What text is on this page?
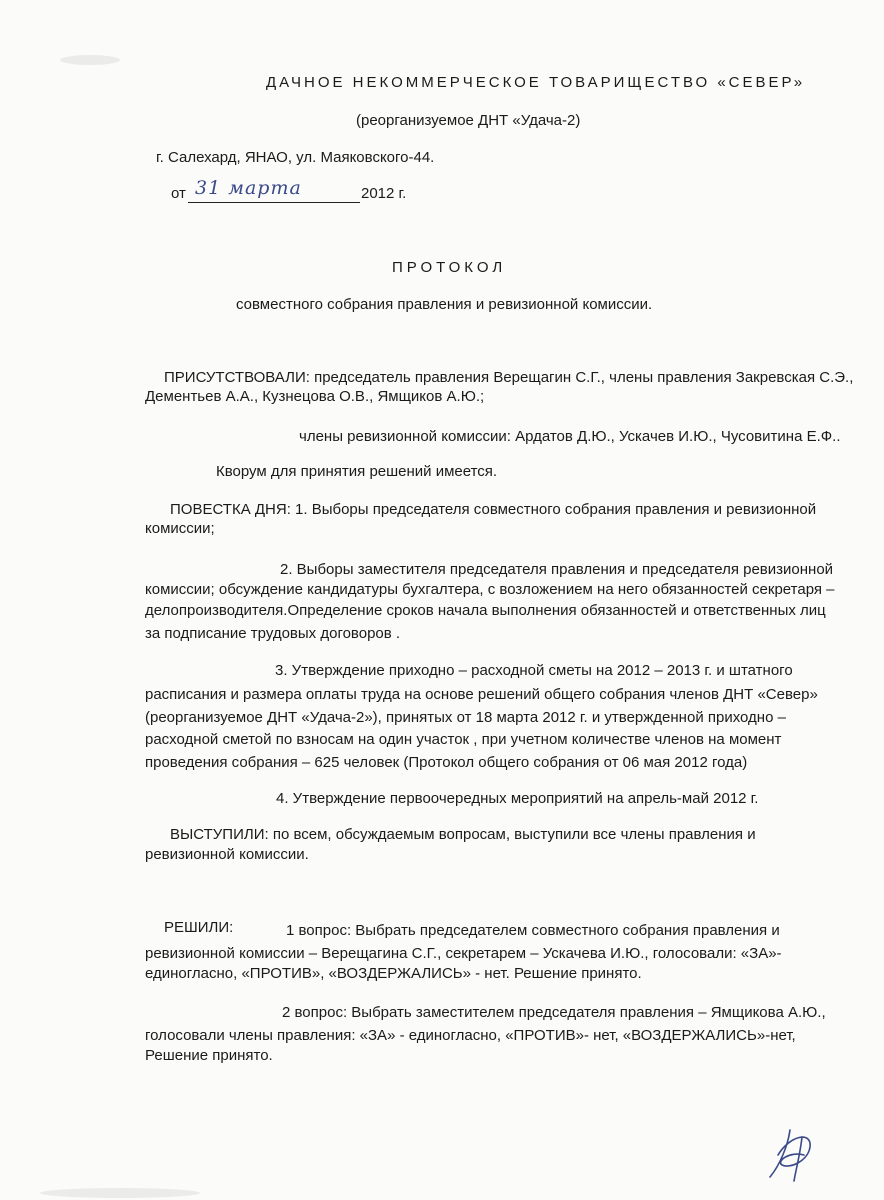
ДАЧНОЕ НЕКОММЕРЧЕСКОЕ ТОВАРИЩЕСТВО «СЕВЕР»
(реорганизуемое ДНТ «Удача-2)
г. Салехард, ЯНАО, ул. Маяковского-44.
от 31 марта	2012 г.
ПРОТОКОЛ
совместного собрания правления и ревизионной комиссии.
ПРИСУТСТВОВАЛИ: председатель правления Верещагин С.Г., члены правления Закревская С.Э.,
Дементьев А.А., Кузнецова О.В., Ямщиков А.Ю.;
члены ревизионной комиссии: Ардатов Д.Ю., Ускачев И.Ю., Чусовитина Е.Ф..
Кворум для принятия решений имеется.
ПОВЕСТКА ДНЯ: 1. Выборы председателя совместного собрания правления и ревизионной
комиссии;
2. Выборы заместителя председателя правления и председателя ревизионной
комиссии; обсуждение кандидатуры бухгалтера, с возложением на него обязанностей секретаря –
делопроизводителя.Определение сроков начала выполнения обязанностей и ответственных лиц
за подписание трудовых договоров .
3. Утверждение приходно – расходной сметы на 2012 – 2013 г. и штатного
расписания и размера оплаты труда на основе решений общего собрания членов ДНТ «Север»
(реорганизуемое ДНТ «Удача-2»), принятых от 18 марта 2012 г. и утвержденной приходно –
расходной сметой по взносам на один участок , при учетном количестве членов на момент
проведения собрания – 625 человек (Протокол общего собрания от 06 мая 2012 года)
4. Утверждение первоочередных мероприятий на апрель-май 2012 г.
ВЫСТУПИЛИ: по всем, обсуждаемым вопросам, выступили все члены правления и
ревизионной комиссии.
РЕШИЛИ:	1 вопрос: Выбрать председателем совместного собрания правления и
ревизионной комиссии – Верещагина С.Г., секретарем – Ускачева И.Ю., голосовали: «ЗА»-
единогласно, «ПРОТИВ», «ВОЗДЕРЖАЛИСЬ» - нет. Решение принято.
2 вопрос: Выбрать заместителем председателя правления – Ямщикова А.Ю.,
голосовали члены правления: «ЗА» - единогласно, «ПРОТИВ»- нет, «ВОЗДЕРЖАЛИСЬ»-нет,
Решение принято.
